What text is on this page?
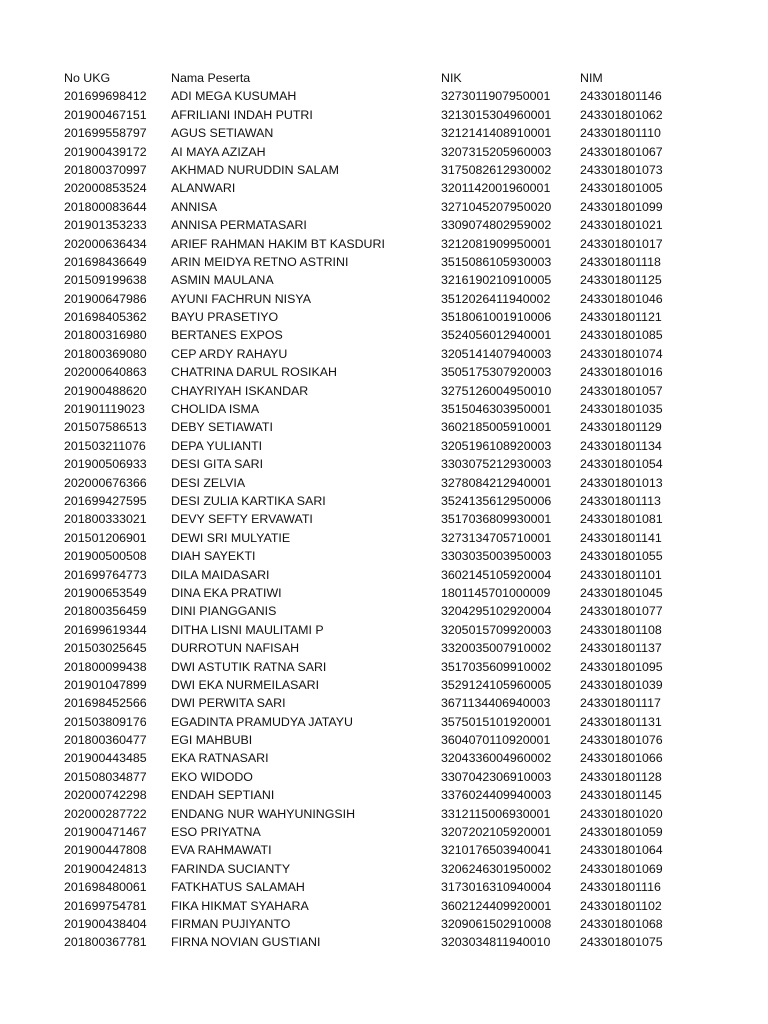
No UKG	Nama Peserta	NIK	NIM
201699698412	ADI MEGA KUSUMAH	3273011907950001	243301801146
201900467151	AFRILIANI INDAH PUTRI	3213015304960001	243301801062
201699558797	AGUS SETIAWAN	3212141408910001	243301801110
201900439172	AI MAYA AZIZAH	3207315205960003	243301801067
201800370997	AKHMAD NURUDDIN SALAM	3175082612930002	243301801073
202000853524	ALANWARI	3201142001960001	243301801005
201800083644	ANNISA	3271045207950020	243301801099
201901353233	ANNISA PERMATASARI	3309074802959002	243301801021
202000636434	ARIEF RAHMAN HAKIM BT KASDURI	3212081909950001	243301801017
201698436649	ARIN MEIDYA RETNO ASTRINI	3515086105930003	243301801118
201509199638	ASMIN MAULANA	3216190210910005	243301801125
201900647986	AYUNI FACHRUN NISYA	3512026411940002	243301801046
201698405362	BAYU PRASETIYO	3518061001910006	243301801121
201800316980	BERTANES EXPOS	3524056012940001	243301801085
201800369080	CEP ARDY RAHAYU	3205141407940003	243301801074
202000640863	CHATRINA DARUL ROSIKAH	3505175307920003	243301801016
201900488620	CHAYRIYAH ISKANDAR	3275126004950010	243301801057
201901119023	CHOLIDA ISMA	3515046303950001	243301801035
201507586513	DEBY SETIAWATI	3602185005910001	243301801129
201503211076	DEPA YULIANTI	3205196108920003	243301801134
201900506933	DESI GITA SARI	3303075212930003	243301801054
202000676366	DESI ZELVIA	3278084212940001	243301801013
201699427595	DESI ZULIA KARTIKA SARI	3524135612950006	243301801113
201800333021	DEVY SEFTY ERVAWATI	3517036809930001	243301801081
201501206901	DEWI SRI MULYATIE	3273134705710001	243301801141
201900500508	DIAH SAYEKTI	3303035003950003	243301801055
201699764773	DILA MAIDASARI	3602145105920004	243301801101
201900653549	DINA EKA PRATIWI	1801145701000009	243301801045
201800356459	DINI PIANGGANIS	3204295102920004	243301801077
201699619344	DITHA LISNI MAULITAMI P	3205015709920003	243301801108
201503025645	DURROTUN NAFISAH	3320035007910002	243301801137
201800099438	DWI ASTUTIK RATNA SARI	3517035609910002	243301801095
201901047899	DWI EKA NURMEILASARI	3529124105960005	243301801039
201698452566	DWI PERWITA SARI	3671134406940003	243301801117
201503809176	EGADINTA PRAMUDYA JATAYU	3575015101920001	243301801131
201800360477	EGI MAHBUBI	3604070110920001	243301801076
201900443485	EKA RATNASARI	3204336004960002	243301801066
201508034877	EKO WIDODO	3307042306910003	243301801128
202000742298	ENDAH SEPTIANI	3376024409940003	243301801145
202000287722	ENDANG NUR WAHYUNINGSIH	3312115006930001	243301801020
201900471467	ESO PRIYATNA	3207202105920001	243301801059
201900447808	EVA RAHMAWATI	3210176503940041	243301801064
201900424813	FARINDA SUCIANTY	3206246301950002	243301801069
201698480061	FATKHATUS SALAMAH	3173016310940004	243301801116
201699754781	FIKA HIKMAT SYAHARA	3602124409920001	243301801102
201900438404	FIRMAN PUJIYANTO	3209061502910008	243301801068
201800367781	FIRNA NOVIAN GUSTIANI	3203034811940010	243301801075
